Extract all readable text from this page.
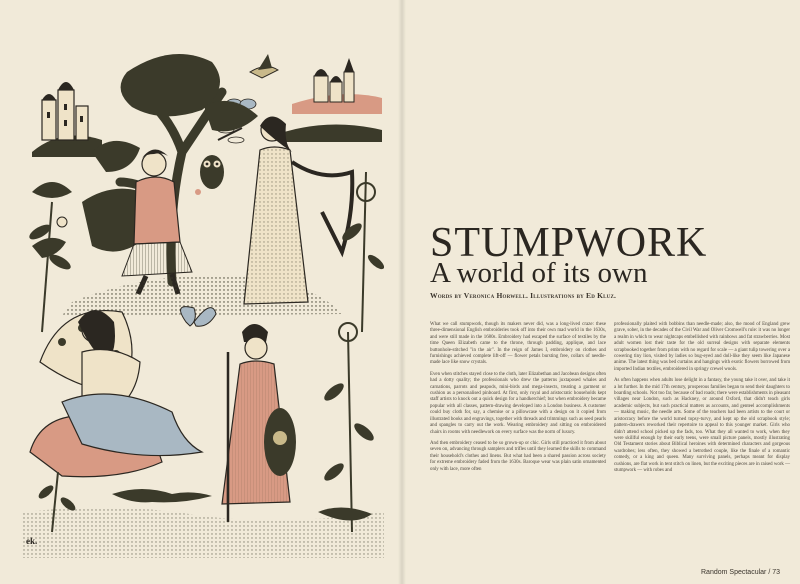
ek.
STUMPWORK
A world of its own
Words by Veronica Horwell. Illustrations by Ed Kluz.

What we call stumpwork, though its makers never did, was a long-lived craze: these three-dimensional English embroideries took off into their own mad world in the 1630s, and were still made in the 1680s. Embroidery had escaped the surface of textiles by the time Queen Elizabeth came to the throne, through padding, applique, and lace buttonhole-stitched "in the air". In the reign of James I, embroidery on clothes and furnishings achieved complete lift-off — flower petals bursting free, collars of needle-made lace like snow crystals.

Even when stitches stayed close to the cloth, later Elizabethan and Jacobean designs often had a dotty quality; the professionals who drew the patterns juxtaposed whales and carnations, parrots and peapods, mini-birds and mega-insects, treating a garment or cushion as a personalised pinboard. At first, only royal and aristocratic households kept staff artists to knock out a quick design for a handkerchief; but when embroidery became popular with all classes, pattern-drawing developed into a London business. A customer could buy cloth for, say, a chemise or a pillowcase with a design on it copied from illustrated books and engravings, together with threads and trimmings such as seed pearls and spangles to carry out the work. Wearing embroidery and sitting on embroidered chairs in rooms with needlework on every surface was the norm of luxury.

And then embroidery ceased to be so grown-up or chic. Girls still practiced it from about seven on, advancing through samplers and trifles until they learned the skills to command their household's clothes and linens. But what had been a shared passion across society for extreme embroidery faded from the 1630s. Baroque wear was plain satin ornamented only with lace, more often

professionally plaited with bobbins than needle-made; also, the mood of England grew grave, sober, in the decades of the Civil War and Oliver Cromwell's rule: it was no longer a realm in which to wear nightcaps embellished with rainbows and fat strawberries. Most adult women lost their taste for the old surreal designs with separate elements scrapbooked together from prints with no regard for scale — a giant tulip towering over a cowering tiny lion, visited by ladies so bug-eyed and doll-like they seem like Japanese anime. The latest thing was bed curtains and hangings with exotic flowers borrowed from imported Indian textiles, embroidered in springy crewel wools.

As often happens when adults lose delight in a fantasy, the young take it over, and take it a lot further. In the mid 17th century, prosperous families began to send their daughters to boarding schools. Not too far, because of bad roads; there were establishments in pleasant villages near London, such as Hackney, or around Oxford, that didn't teach girls academic subjects, but such practical matters as accounts, and genteel accomplishments — making music, the needle arts. Some of the teachers had been artists to the court or aristocracy before the world turned topsy-turvy, and kept up the old scrapbook style; pattern-drawers reworked their repertoire to appeal to this younger market. Girls who didn't attend school picked up the fads, too. What they all wanted to work, when they were skillful enough by their early teens, were small picture panels, mostly illustrating Old Testament stories about Biblical heroines with determined characters and gorgeous wardrobes; less often, they showed a betrothed couple, like the finale of a romantic comedy, or a king and queen. Many surviving panels, perhaps meant for display cushions, are flat work in tent stitch on linen, but the exciting pieces are in raised work — stumpwork — with robes and

Random Spectacular / 73
